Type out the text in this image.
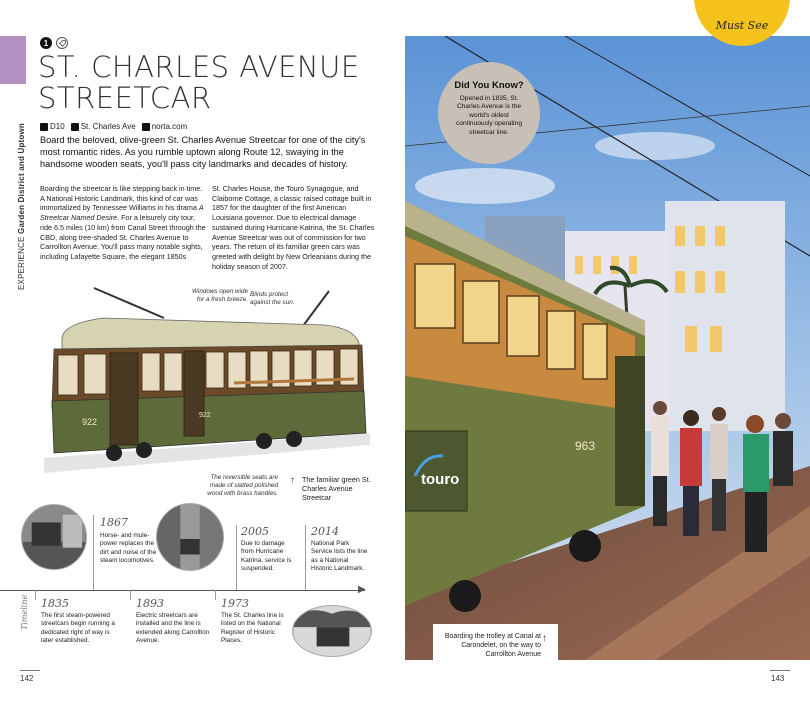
EXPERIENCE Garden District and Uptown
1
ST. CHARLES AVENUE STREETCAR
D10 St. Charles Ave norta.com

Board the beloved, olive-green St. Charles Avenue Streetcar for one of the city's most romantic rides. As you rumble uptown along Route 12, swaying in the handsome wooden seats, you'll pass city landmarks and decades of history.

Boarding the streetcar is like stepping back in time. A National Historic Landmark, this kind of car was immortalized by Tennessee Williams in his drama A Streetcar Named Desire. For a leisurely city tour, ride 6.5 miles (10 km) from Canal Street through the CBD, along tree-shaded St. Charles Avenue to Carrollton Avenue. You'll pass many notable sights, including Lafayette Square, the elegant 1850s

St. Charles House, the Touro Synagogue, and Claiborne Cottage, a classic raised cottage built in 1857 for the daughter of the first American Louisiana governor. Due to electrical damage sustained during Hurricane Katrina, the St. Charles Avenue Streetcar was out of commission for two years. The return of its familiar green cars was greeted with delight by New Orleanians during the holiday season of 2007.

922
922
Windows open wide for a fresh breeze.
Blinds protect against the sun.
The reversible seats are made of slatted polished wood with brass handles.
↑ The familiar green St. Charles Avenue Streetcar
▶
Timeline 1835
The first steam-powered streetcars begin running a dedicated right of way is later established.
1867
Horse- and mule-power replaces the dirt and noise of the steam locomotives.
1893
Electric streetcars are installed and the line is extended along Carrollton Avenue.
1973
The St. Charles line is listed on the National Register of Historic Places.
2005
Due to damage from Hurricane Katrina, service is suspended.
2014
National Park Service lists the line as a National Historic Landmark.
142
touro
963
Must See
Did You Know?
Opened in 1835, St. Charles Avenue is the world's oldest continuously operating streetcar line.
Boarding the trolley at Canal at Carondelet, on the way to Carrollton Avenue
↑
143
